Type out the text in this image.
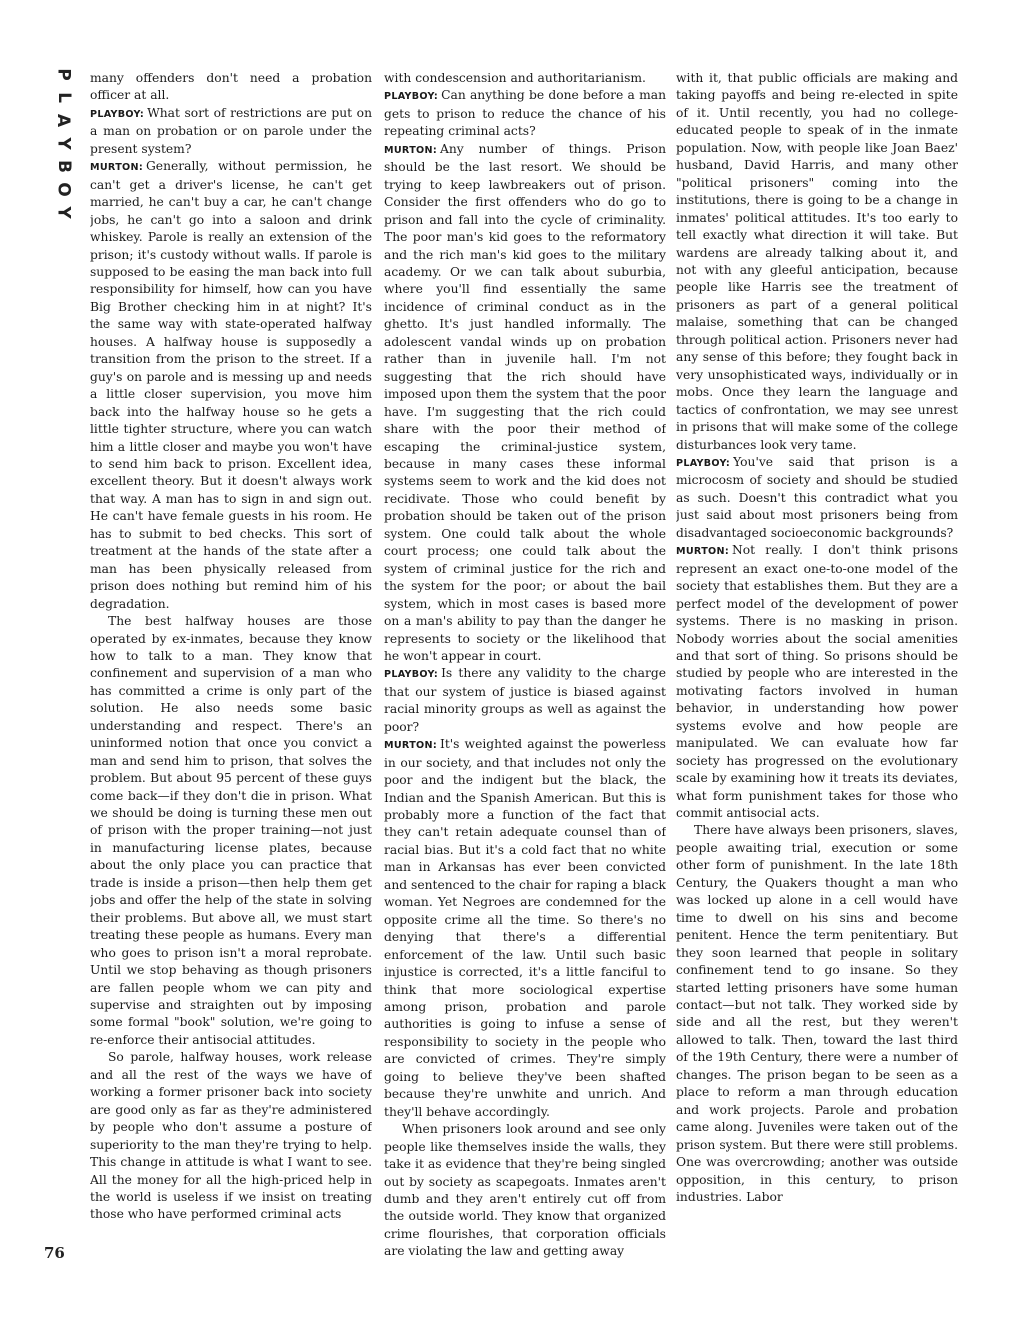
P
L
A
Y
B
O
Y
76

many offenders don't need a probation officer at all.

PLAYBOY: What sort of restrictions are put on a man on probation or on parole under the present system?

MURTON: Generally, without permission, he can't get a driver's license, he can't get married, he can't buy a car, he can't change jobs, he can't go into a saloon and drink whiskey. Parole is really an extension of the prison; it's custody without walls. If parole is supposed to be easing the man back into full responsibility for himself, how can you have Big Brother checking him in at night? It's the same way with state-operated halfway houses. A halfway house is supposedly a transition from the prison to the street. If a guy's on parole and is messing up and needs a little closer supervision, you move him back into the halfway house so he gets a little tighter structure, where you can watch him a little closer and maybe you won't have to send him back to prison. Excellent idea, excellent theory. But it doesn't always work that way. A man has to sign in and sign out. He can't have female guests in his room. He has to submit to bed checks. This sort of treatment at the hands of the state after a man has been physically released from prison does nothing but remind him of his degradation.

The best halfway houses are those operated by ex-inmates, because they know how to talk to a man. They know that confinement and supervision of a man who has committed a crime is only part of the solution. He also needs some basic understanding and respect. There's an uninformed notion that once you convict a man and send him to prison, that solves the problem. But about 95 percent of these guys come back—if they don't die in prison. What we should be doing is turning these men out of prison with the proper training—not just in manufacturing license plates, because about the only place you can practice that trade is inside a prison—then help them get jobs and offer the help of the state in solving their problems. But above all, we must start treating these people as humans. Every man who goes to prison isn't a moral reprobate. Until we stop behaving as though prisoners are fallen people whom we can pity and supervise and straighten out by imposing some formal "book" solution, we're going to re-enforce their antisocial attitudes.

So parole, halfway houses, work release and all the rest of the ways we have of working a former prisoner back into society are good only as far as they're administered by people who don't assume a posture of superiority to the man they're trying to help. This change in attitude is what I want to see. All the money for all the high-priced help in the world is useless if we insist on treating those who have performed criminal acts

with condescension and authoritarianism.

PLAYBOY: Can anything be done before a man gets to prison to reduce the chance of his repeating criminal acts?

MURTON: Any number of things. Prison should be the last resort. We should be trying to keep lawbreakers out of prison. Consider the first offenders who do go to prison and fall into the cycle of criminality. The poor man's kid goes to the reformatory and the rich man's kid goes to the military academy. Or we can talk about suburbia, where you'll find essentially the same incidence of criminal conduct as in the ghetto. It's just handled informally. The adolescent vandal winds up on probation rather than in juvenile hall. I'm not suggesting that the rich should have imposed upon them the system that the poor have. I'm suggesting that the rich could share with the poor their method of escaping the criminal-justice system, because in many cases these informal systems seem to work and the kid does not recidivate. Those who could benefit by probation should be taken out of the prison system. One could talk about the whole court process; one could talk about the system of criminal justice for the rich and the system for the poor; or about the bail system, which in most cases is based more on a man's ability to pay than the danger he represents to society or the likelihood that he won't appear in court.

PLAYBOY: Is there any validity to the charge that our system of justice is biased against racial minority groups as well as against the poor?

MURTON: It's weighted against the powerless in our society, and that includes not only the poor and the indigent but the black, the Indian and the Spanish American. But this is probably more a function of the fact that they can't retain adequate counsel than of racial bias. But it's a cold fact that no white man in Arkansas has ever been convicted and sentenced to the chair for raping a black woman. Yet Negroes are condemned for the opposite crime all the time. So there's no denying that there's a differential enforcement of the law. Until such basic injustice is corrected, it's a little fanciful to think that more sociological expertise among prison, probation and parole authorities is going to infuse a sense of responsibility to society in the people who are convicted of crimes. They're simply going to believe they've been shafted because they're unwhite and unrich. And they'll behave accordingly.

When prisoners look around and see only people like themselves inside the walls, they take it as evidence that they're being singled out by society as scapegoats. Inmates aren't dumb and they aren't entirely cut off from the outside world. They know that organized crime flourishes, that corporation officials are violating the law and getting away

with it, that public officials are making and taking payoffs and being re-elected in spite of it. Until recently, you had no college-educated people to speak of in the inmate population. Now, with people like Joan Baez' husband, David Harris, and many other "political prisoners" coming into the institutions, there is going to be a change in inmates' political attitudes. It's too early to tell exactly what direction it will take. But wardens are already talking about it, and not with any gleeful anticipation, because people like Harris see the treatment of prisoners as part of a general political malaise, something that can be changed through political action. Prisoners never had any sense of this before; they fought back in very unsophisticated ways, individually or in mobs. Once they learn the language and tactics of confrontation, we may see unrest in prisons that will make some of the college disturbances look very tame.

PLAYBOY: You've said that prison is a microcosm of society and should be studied as such. Doesn't this contradict what you just said about most prisoners being from disadvantaged socioeconomic backgrounds?

MURTON: Not really. I don't think prisons represent an exact one-to-one model of the society that establishes them. But they are a perfect model of the development of power systems. There is no masking in prison. Nobody worries about the social amenities and that sort of thing. So prisons should be studied by people who are interested in the motivating factors involved in human behavior, in understanding how power systems evolve and how people are manipulated. We can evaluate how far society has progressed on the evolutionary scale by examining how it treats its deviates, what form punishment takes for those who commit antisocial acts.

There have always been prisoners, slaves, people awaiting trial, execution or some other form of punishment. In the late 18th Century, the Quakers thought a man who was locked up alone in a cell would have time to dwell on his sins and become penitent. Hence the term penitentiary. But they soon learned that people in solitary confinement tend to go insane. So they started letting prisoners have some human contact—but not talk. They worked side by side and all the rest, but they weren't allowed to talk. Then, toward the last third of the 19th Century, there were a number of changes. The prison began to be seen as a place to reform a man through education and work projects. Parole and probation came along. Juveniles were taken out of the prison system. But there were still problems. One was overcrowding; another was outside opposition, in this century, to prison industries. Labor
